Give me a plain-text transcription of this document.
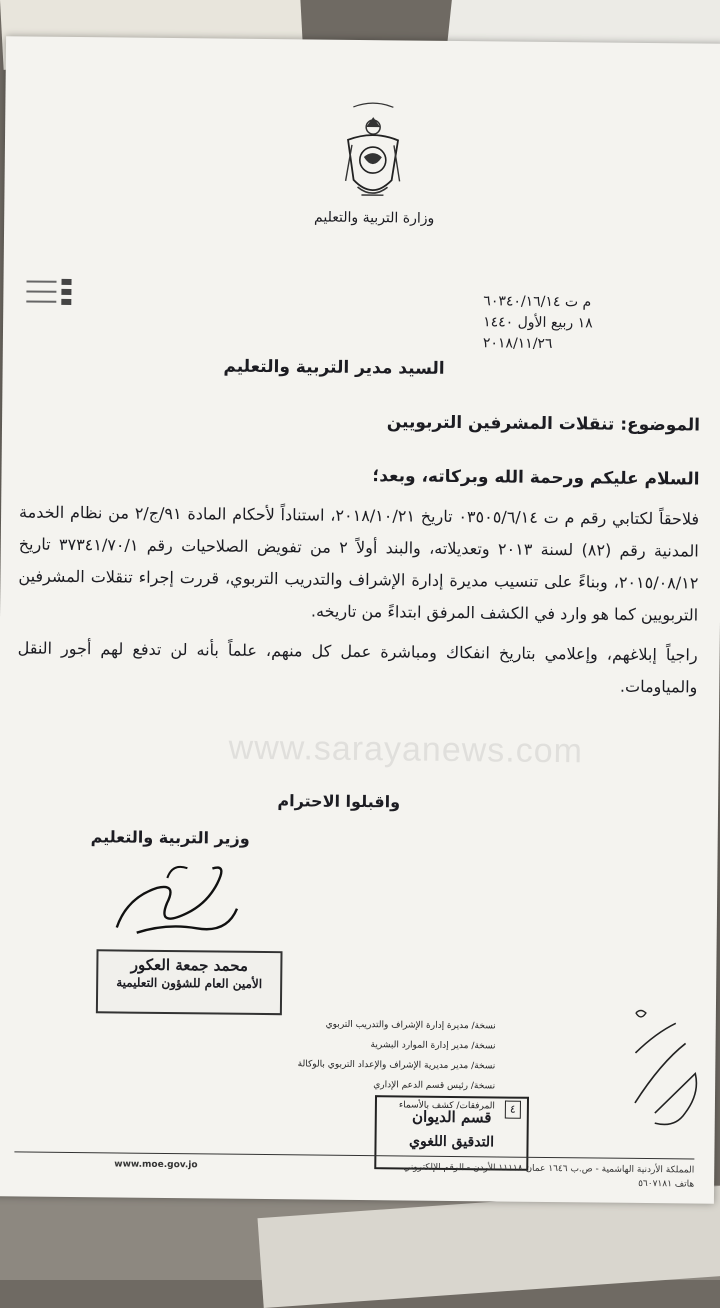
وزارة التربية والتعليم
م ت ٦٠٣٤٠/١٦/١٤
١٨ ربيع الأول ١٤٤٠
٢٠١٨/١١/٢٦
السيد مدير التربية والتعليم
الموضوع: تنقلات المشرفين التربويين

السلام عليكم ورحمة الله وبركاته، وبعد؛

فلاحقاً لكتابي رقم م ت ٠٣٥٠٥/٦/١٤ تاريخ ٢٠١٨/١٠/٢١، استناداً لأحكام المادة ٩١/ج/٢ من نظام الخدمة المدنية رقم (٨٢) لسنة ٢٠١٣ وتعديلاته، والبند أولاً ٢ من تفويض الصلاحيات رقم ٣٧٣٤١/٧٠/١ تاريخ ٢٠١٥/٠٨/١٢، وبناءً على تنسيب مديرة إدارة الإشراف والتدريب التربوي، قررت إجراء تنقلات المشرفين التربويين كما هو وارد في الكشف المرفق ابتداءً من تاريخه.

راجياً إبلاغهم، وإعلامي بتاريخ انفكاك ومباشرة عمل كل منهم، علماً بأنه لن تدفع لهم أجور النقل والمياومات.

واقبلوا الاحترام
وزير التربية والتعليم
محمد جمعة العكور
الأمين العام للشؤون التعليمية
نسخة/ مديرة إدارة الإشراف والتدريب التربوي
نسخة/ مدير إدارة الموارد البشرية
نسخة/ مدير مديرية الإشراف والإعداد التربوي بالوكالة
نسخة/ رئيس قسم الدعم الإداري
المرفقات/ كشف بالأسماء	٤
قسم الديوان
التدقيق اللغوي
المملكة الأردنية الهاشمية - ص.ب ١٦٤٦ عمان ١١١١٨ الأردن - الرقم الإلكتروني
هاتف ٥٦٠٧١٨١
www.moe.gov.jo
www.sarayanews.com
